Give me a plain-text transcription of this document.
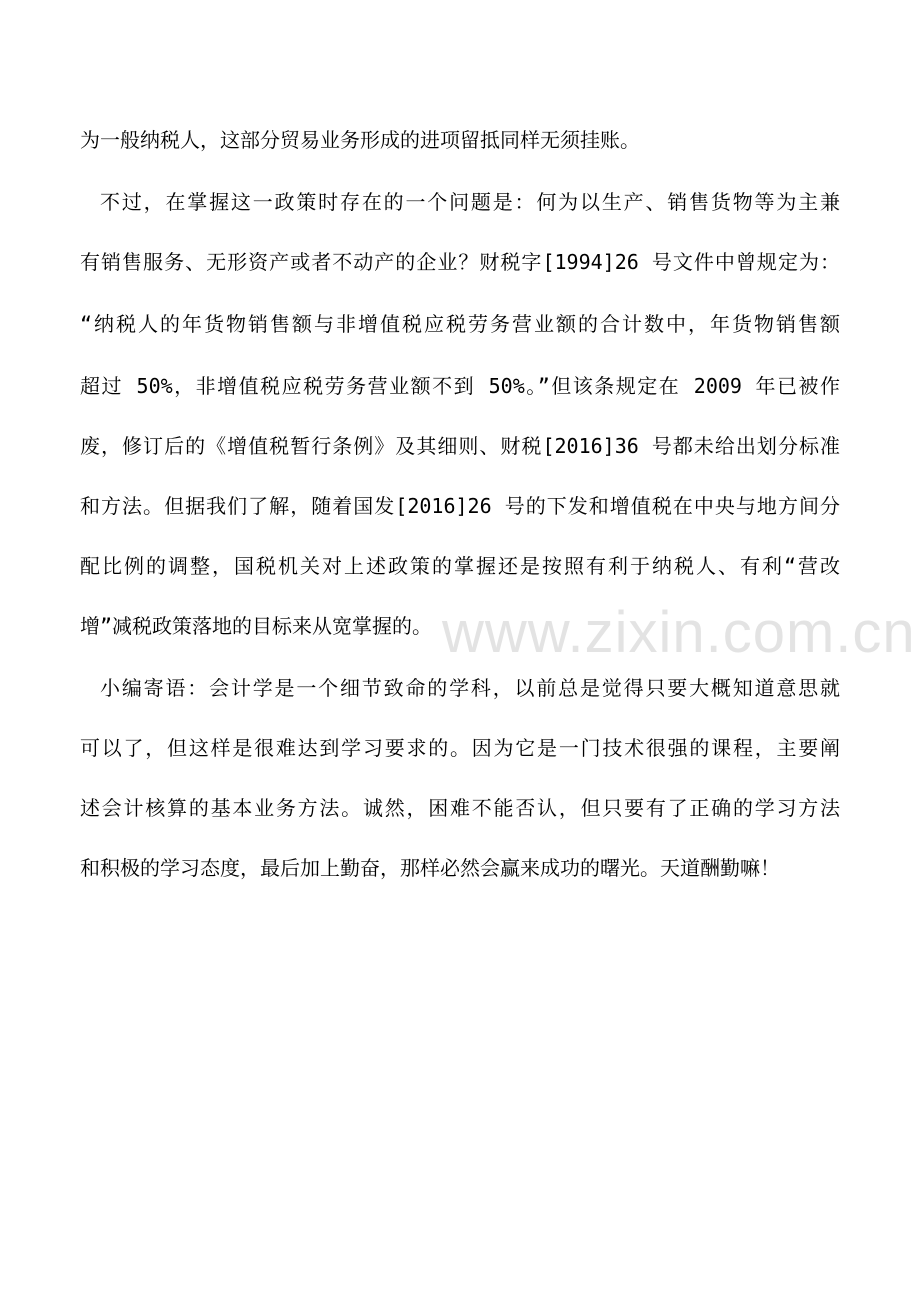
www.zixin.com.cn
为一般纳税人，这部分贸易业务形成的进项留抵同样无须挂账。
不过，在掌握这一政策时存在的一个问题是：何为以生产、销售货物等为主兼
有销售服务、无形资产或者不动产的企业？财税字[1994]26 号文件中曾规定为：
“纳税人的年货物销售额与非增值税应税劳务营业额的合计数中，年货物销售额
超过 50%，非增值税应税劳务营业额不到 50%。”但该条规定在 2009 年已被作
废，修订后的《增值税暂行条例》及其细则、财税[2016]36 号都未给出划分标准
和方法。但据我们了解，随着国发[2016]26 号的下发和增值税在中央与地方间分
配比例的调整，国税机关对上述政策的掌握还是按照有利于纳税人、有利“营改
增”减税政策落地的目标来从宽掌握的。
小编寄语：会计学是一个细节致命的学科，以前总是觉得只要大概知道意思就
可以了，但这样是很难达到学习要求的。因为它是一门技术很强的课程，主要阐
述会计核算的基本业务方法。诚然，困难不能否认，但只要有了正确的学习方法
和积极的学习态度，最后加上勤奋，那样必然会赢来成功的曙光。天道酬勤嘛！
